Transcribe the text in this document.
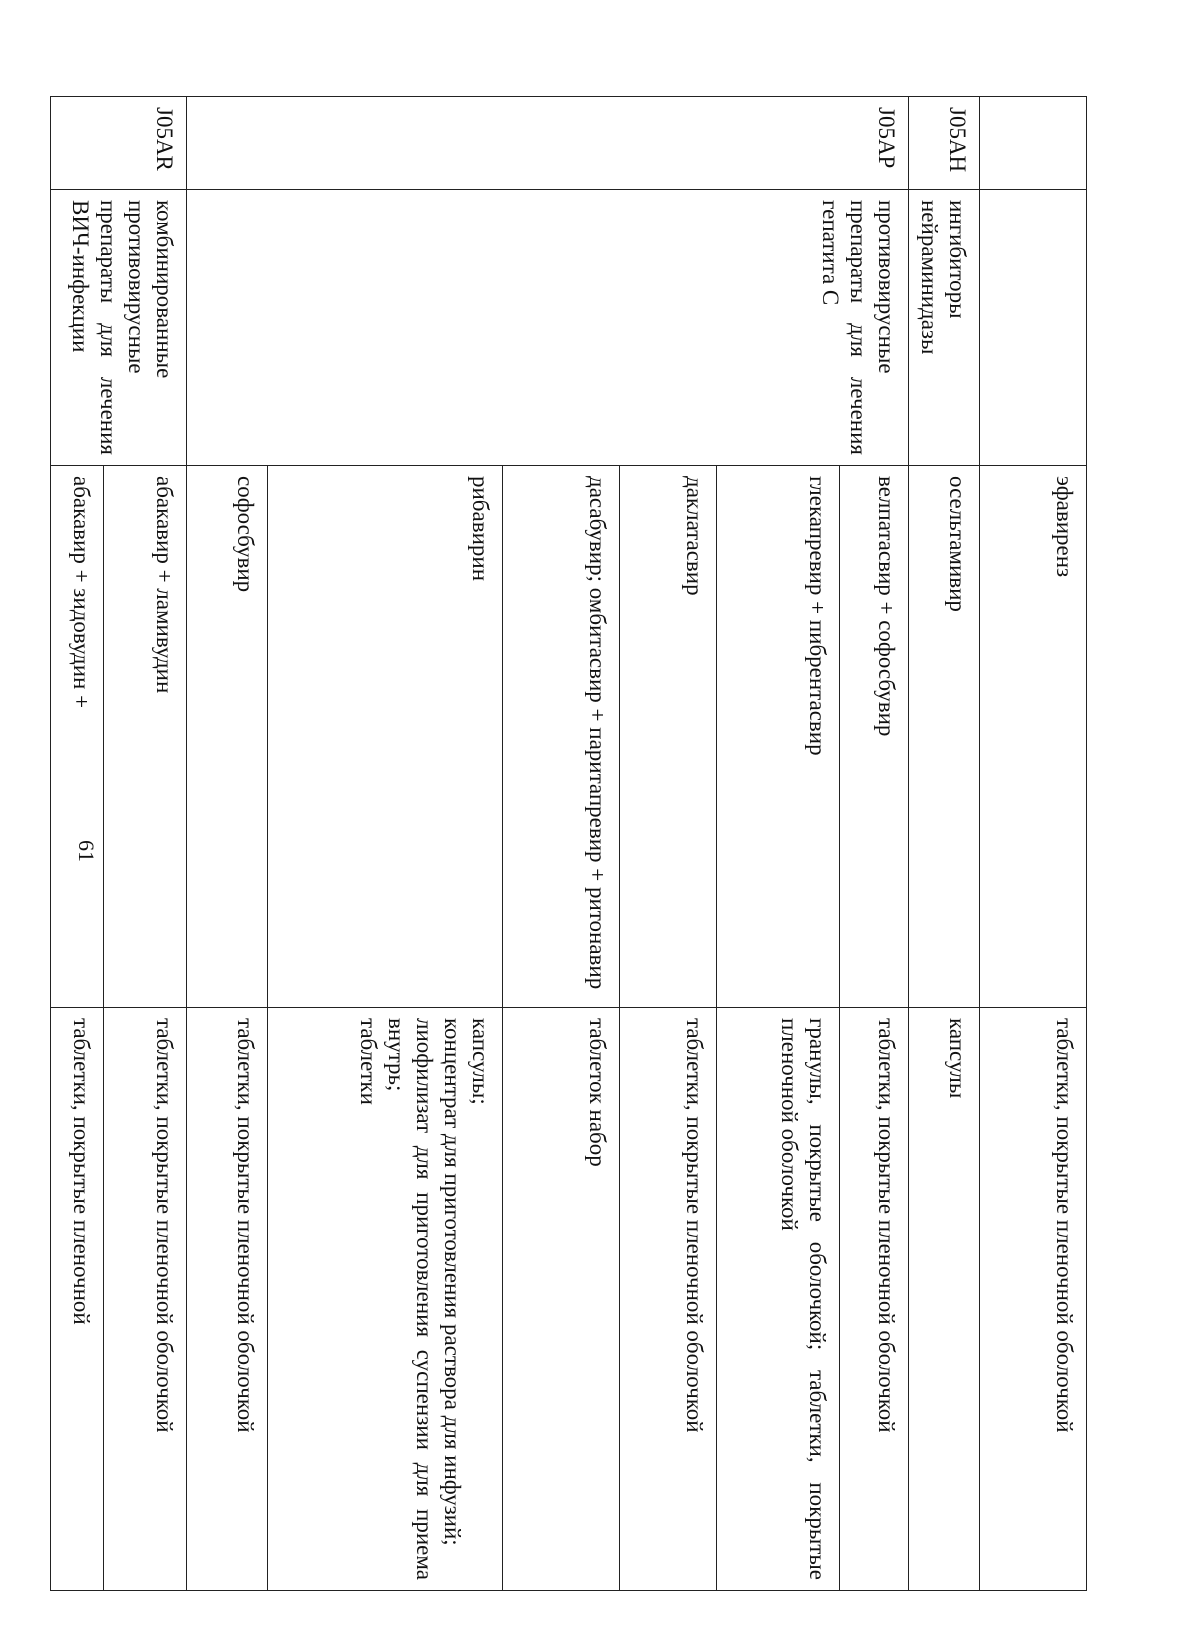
61
		эфавиренз	таблетки, покрытые пленочной оболочкой
J05AH	ингибиторы нейраминидазы	осельтамивир	капсулы
J05AP	противовирусные препараты для лечения гепатита C	велпатасвир + софосбувир	таблетки, покрытые пленочной оболочкой
		глекапревир + пибрентасвир	гранулы, покрытые оболочкой; таблетки, покрытые пленочной оболочкой
		даклатасвир	таблетки, покрытые пленочной оболочкой
		дасабувир; омбитасвир + паритапревир + ритонавир	таблеток набор
		рибавирин	капсулы;
концентрат для приготовления раствора для инфузий;
лиофилизат для приготовления суспензии для приема внутрь;
таблетки

		софосбувир	таблетки, покрытые пленочной оболочкой
J05AR	комбинированные противовирусные препараты для лечения ВИЧ-инфекции	абакавир + ламивудин	таблетки, покрытые пленочной оболочкой
		абакавир + зидовудин +	таблетки, покрытые пленочной
